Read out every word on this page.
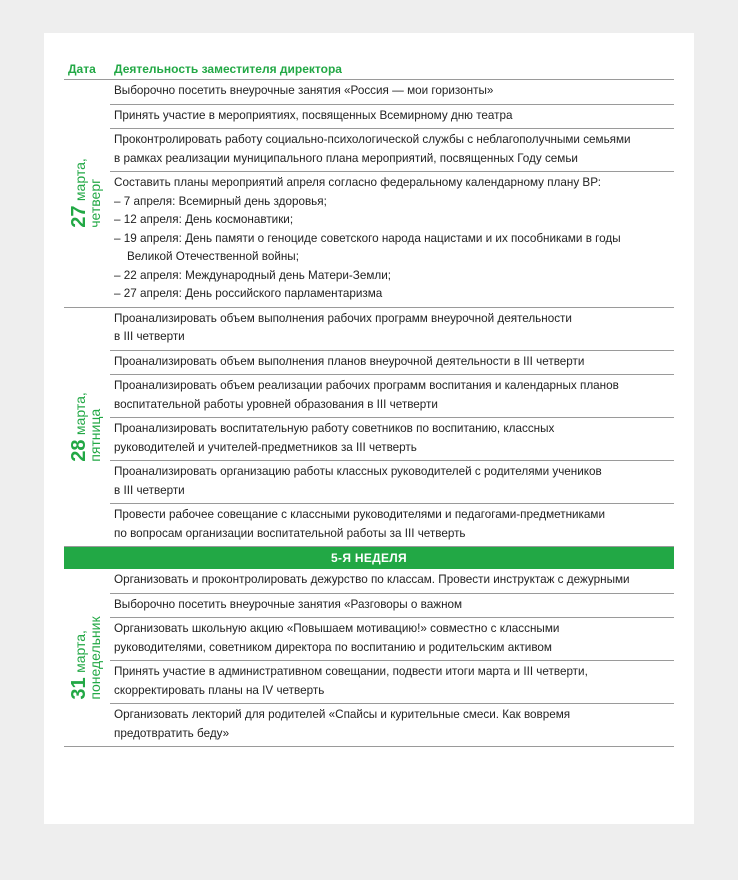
Дата Деятельность заместителя директора
27 марта, четверг
Выборочно посетить внеурочные занятия «Россия — мои горизонты»
Принять участие в мероприятиях, посвященных Всемирному дню театра
Проконтролировать работу социально-психологической службы с неблагополучными семьями
в рамках реализации муниципального плана мероприятий, посвященных Году семьи
Составить планы мероприятий апреля согласно федеральному календарному плану ВР:
– 7 апреля: Всемирный день здоровья;
– 12 апреля: День космонавтики;
– 19 апреля: День памяти о геноциде советского народа нацистами и их пособниками в годы
Великой Отечественной войны;
– 22 апреля: Международный день Матери-Земли;
– 27 апреля: День российского парламентаризма
28 марта, пятница
Проанализировать объем выполнения рабочих программ внеурочной деятельности
в III четверти
Проанализировать объем выполнения планов внеурочной деятельности в III четверти
Проанализировать объем реализации рабочих программ воспитания и календарных планов
воспитательной работы уровней образования в III четверти
Проанализировать воспитательную работу советников по воспитанию, классных
руководителей и учителей-предметников за III четверть
Проанализировать организацию работы классных руководителей с родителями учеников
в III четверти
Провести рабочее совещание с классными руководителями и педагогами-предметниками
по вопросам организации воспитательной работы за III четверть
5-Я НЕДЕЛЯ
31 марта, понедельник
Организовать и проконтролировать дежурство по классам. Провести инструктаж с дежурными
Выборочно посетить внеурочные занятия «Разговоры о важном
Организовать школьную акцию «Повышаем мотивацию!» совместно с классными
руководителями, советником директора по воспитанию и родительским активом
Принять участие в административном совещании, подвести итоги марта и III четверти,
скорректировать планы на IV четверть
Организовать лекторий для родителей «Спайсы и курительные смеси. Как вовремя
предотвратить беду»
